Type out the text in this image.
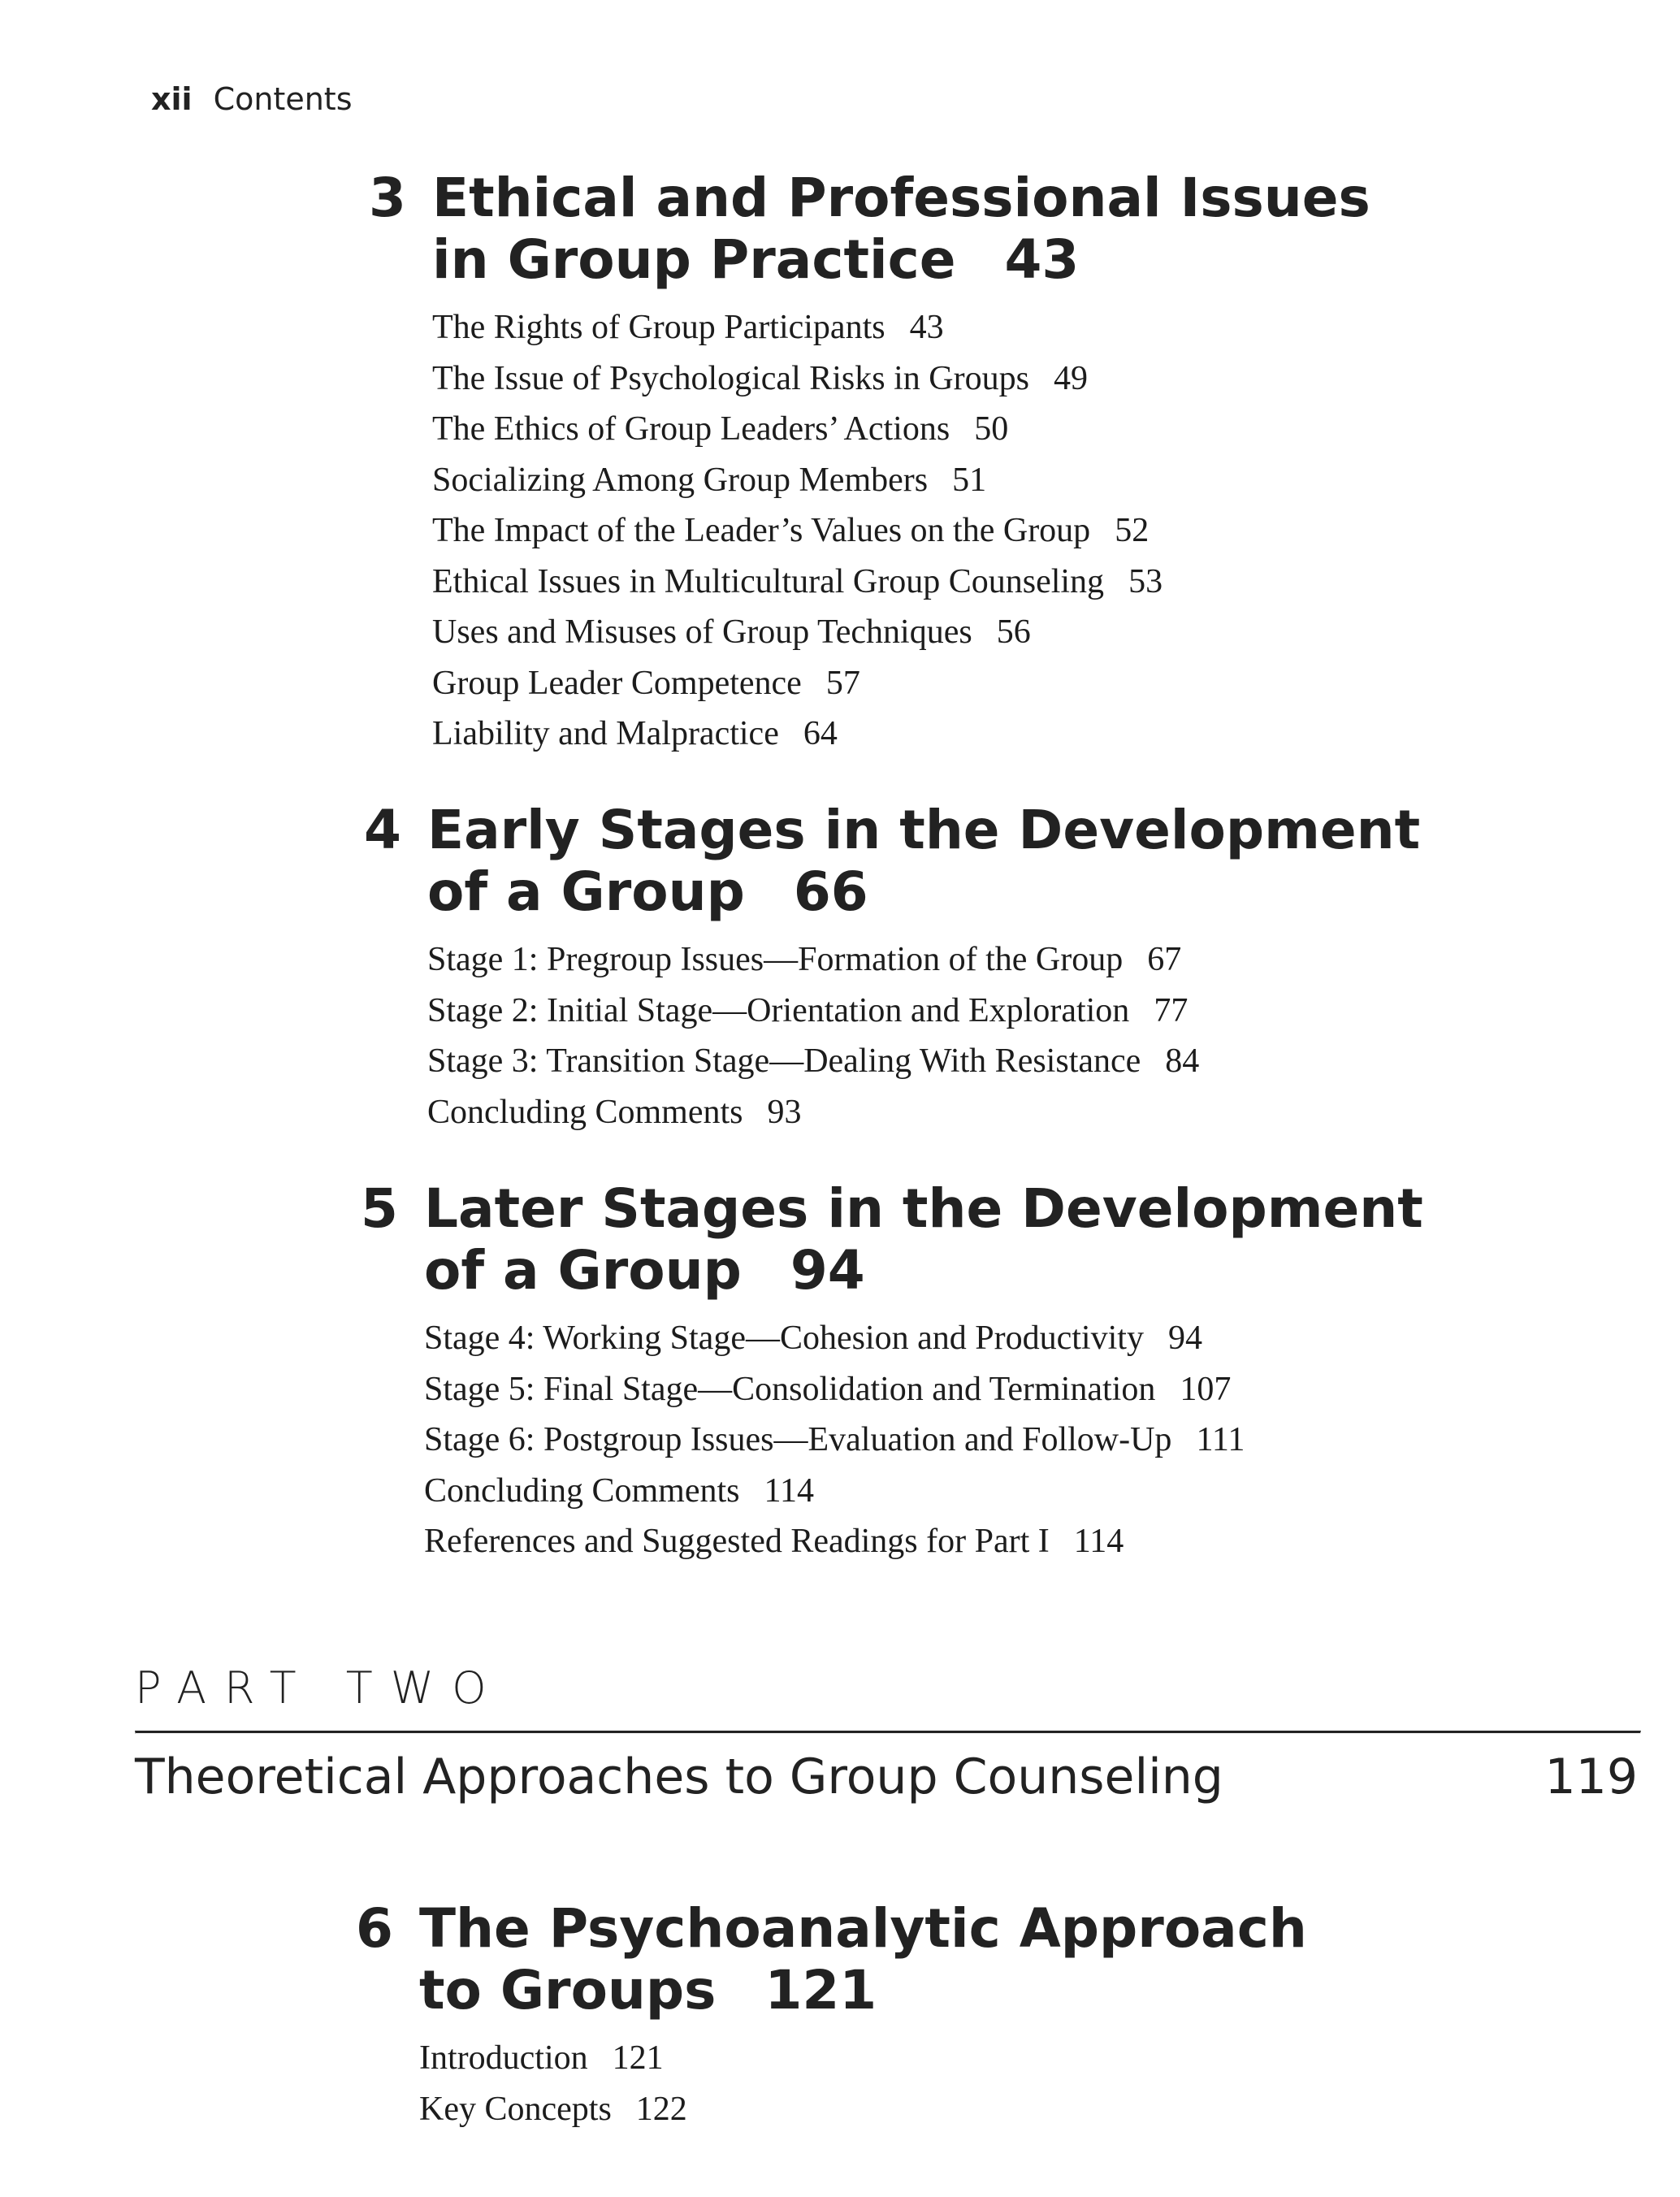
xii Contents
3 Ethical and Professional Issues
in Group Practice 43
The Rights of Group Participants 43
The Issue of Psychological Risks in Groups 49
The Ethics of Group Leaders’ Actions 50
Socializing Among Group Members 51
The Impact of the Leader’s Values on the Group 52
Ethical Issues in Multicultural Group Counseling 53
Uses and Misuses of Group Techniques 56
Group Leader Competence 57
Liability and Malpractice 64
4 Early Stages in the Development
of a Group 66
Stage 1: Pregroup Issues—Formation of the Group 67
Stage 2: Initial Stage—Orientation and Exploration 77
Stage 3: Transition Stage—Dealing With Resistance 84
Concluding Comments 93
5 Later Stages in the Development
of a Group 94
Stage 4: Working Stage—Cohesion and Productivity 94
Stage 5: Final Stage—Consolidation and Termination 107
Stage 6: Postgroup Issues—Evaluation and Follow-Up 111
Concluding Comments 114
References and Suggested Readings for Part I 114
PART TWO
Theoretical Approaches to Group Counseling	119
6 The Psychoanalytic Approach
to Groups 121
Introduction 121
Key Concepts 122
